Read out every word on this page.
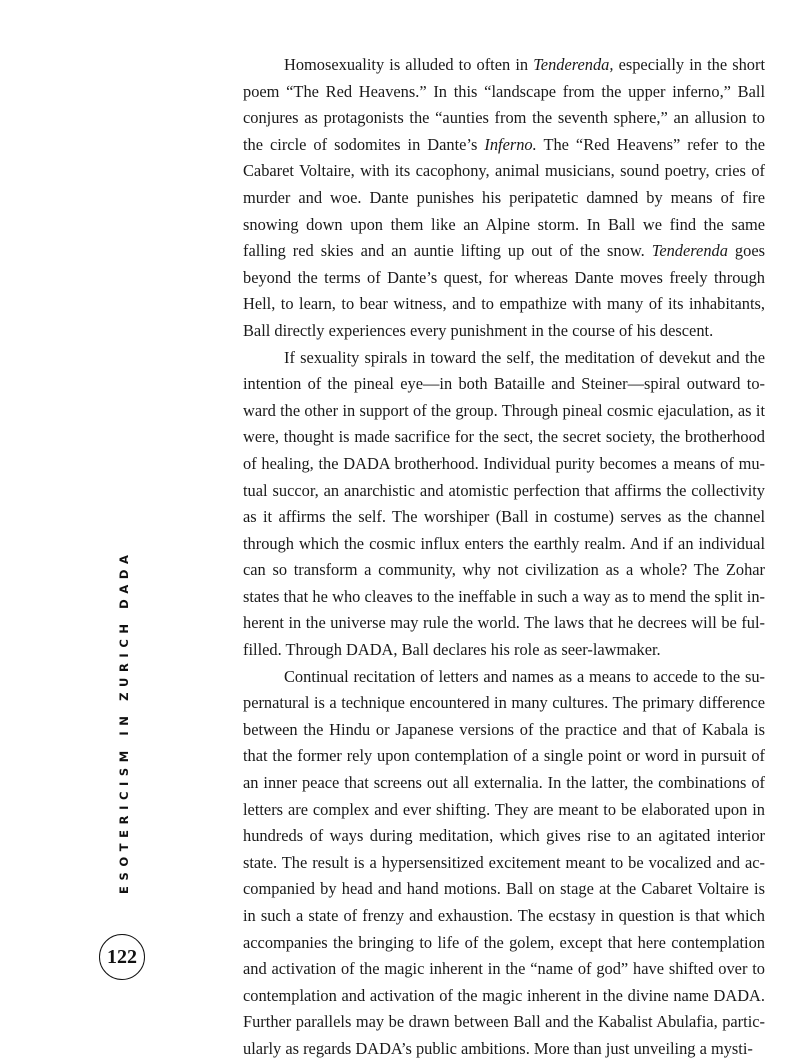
ESOTERICISM IN ZURICH DADA

Homosexuality is alluded to often in Tenderenda, especially in the short poem “The Red Heavens.” In this “landscape from the upper inferno,” Ball conjures as protagonists the “aunties from the seventh sphere,” an allusion to the circle of sodomites in Dante’s Inferno. The “Red Heavens” refer to the Cabaret Voltaire, with its cacophony, animal musicians, sound poetry, cries of murder and woe. Dante punishes his peripatetic damned by means of fire snowing down upon them like an Alpine storm. In Ball we find the same falling red skies and an auntie lifting up out of the snow. Tenderenda goes beyond the terms of Dante’s quest, for whereas Dante moves freely through Hell, to learn, to bear witness, and to empathize with many of its inhabitants, Ball directly experiences every punishment in the course of his descent.

If sexuality spirals in toward the self, the meditation of devekut and the intention of the pineal eye—in both Bataille and Steiner—spiral outward toward the other in support of the group. Through pineal cosmic ejaculation, as it were, thought is made sacrifice for the sect, the secret society, the brotherhood of healing, the DADA brotherhood. Individual purity becomes a means of mutual succor, an anarchistic and atomistic perfection that affirms the collectivity as it affirms the self. The worshiper (Ball in costume) serves as the channel through which the cosmic influx enters the earthly realm. And if an individual can so transform a community, why not civilization as a whole? The Zohar states that he who cleaves to the ineffable in such a way as to mend the split inherent in the universe may rule the world. The laws that he decrees will be fulfilled. Through DADA, Ball declares his role as seer-lawmaker.

Continual recitation of letters and names as a means to accede to the supernatural is a technique encountered in many cultures. The primary difference between the Hindu or Japanese versions of the practice and that of Kabala is that the former rely upon contemplation of a single point or word in pursuit of an inner peace that screens out all externalia. In the latter, the combinations of letters are complex and ever shifting. They are meant to be elaborated upon in hundreds of ways during meditation, which gives rise to an agitated interior state. The result is a hypersensitized excitement meant to be vocalized and accompanied by head and hand motions. Ball on stage at the Cabaret Voltaire is in such a state of frenzy and exhaustion. The ecstasy in question is that which accompanies the bringing to life of the golem, except that here contemplation and activation of the magic inherent in the “name of god” have shifted over to contemplation and activation of the magic inherent in the divine name DADA. Further parallels may be drawn between Ball and the Kabalist Abulafia, particularly as regards DADA’s public ambitions. More than just unveiling a mysti-

122
